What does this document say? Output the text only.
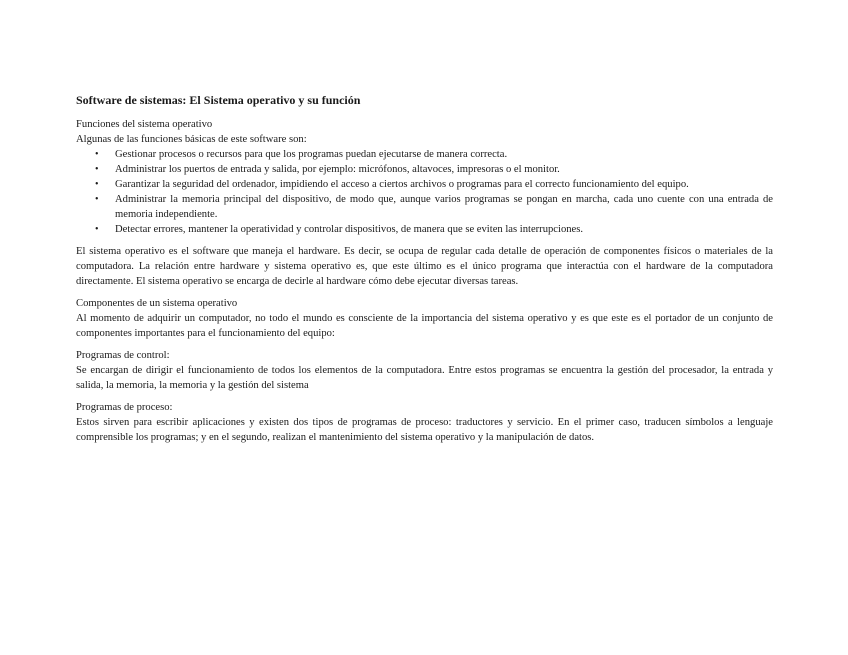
Software de sistemas: El Sistema operativo y su función
Funciones del sistema operativo
Algunas de las funciones básicas de este software son:
• Gestionar procesos o recursos para que los programas puedan ejecutarse de manera correcta.
• Administrar los puertos de entrada y salida, por ejemplo: micrófonos, altavoces, impresoras o el monitor.
• Garantizar la seguridad del ordenador, impidiendo el acceso a ciertos archivos o programas para el correcto funcionamiento del equipo.
• Administrar la memoria principal del dispositivo, de modo que, aunque varios programas se pongan en marcha, cada uno cuente con una entrada de memoria independiente.
• Detectar errores, mantener la operatividad y controlar dispositivos, de manera que se eviten las interrupciones.

El sistema operativo es el software que maneja el hardware. Es decir, se ocupa de regular cada detalle de operación de componentes físicos o materiales de la computadora. La relación entre hardware y sistema operativo es, que este último es el único programa que interactúa con el hardware de la computadora directamente. El sistema operativo se encarga de decirle al hardware cómo debe ejecutar diversas tareas.

Componentes de un sistema operativo

Al momento de adquirir un computador, no todo el mundo es consciente de la importancia del sistema operativo y es que este es el portador de un conjunto de componentes importantes para el funcionamiento del equipo:

Programas de control:

Se encargan de dirigir el funcionamiento de todos los elementos de la computadora. Entre estos programas se encuentra la gestión del procesador, la entrada y salida, la memoria, la memoria y la gestión del sistema

Programas de proceso:

Estos sirven para escribir aplicaciones y existen dos tipos de programas de proceso: traductores y servicio. En el primer caso, traducen símbolos a lenguaje comprensible los programas; y en el segundo, realizan el mantenimiento del sistema operativo y la manipulación de datos.
